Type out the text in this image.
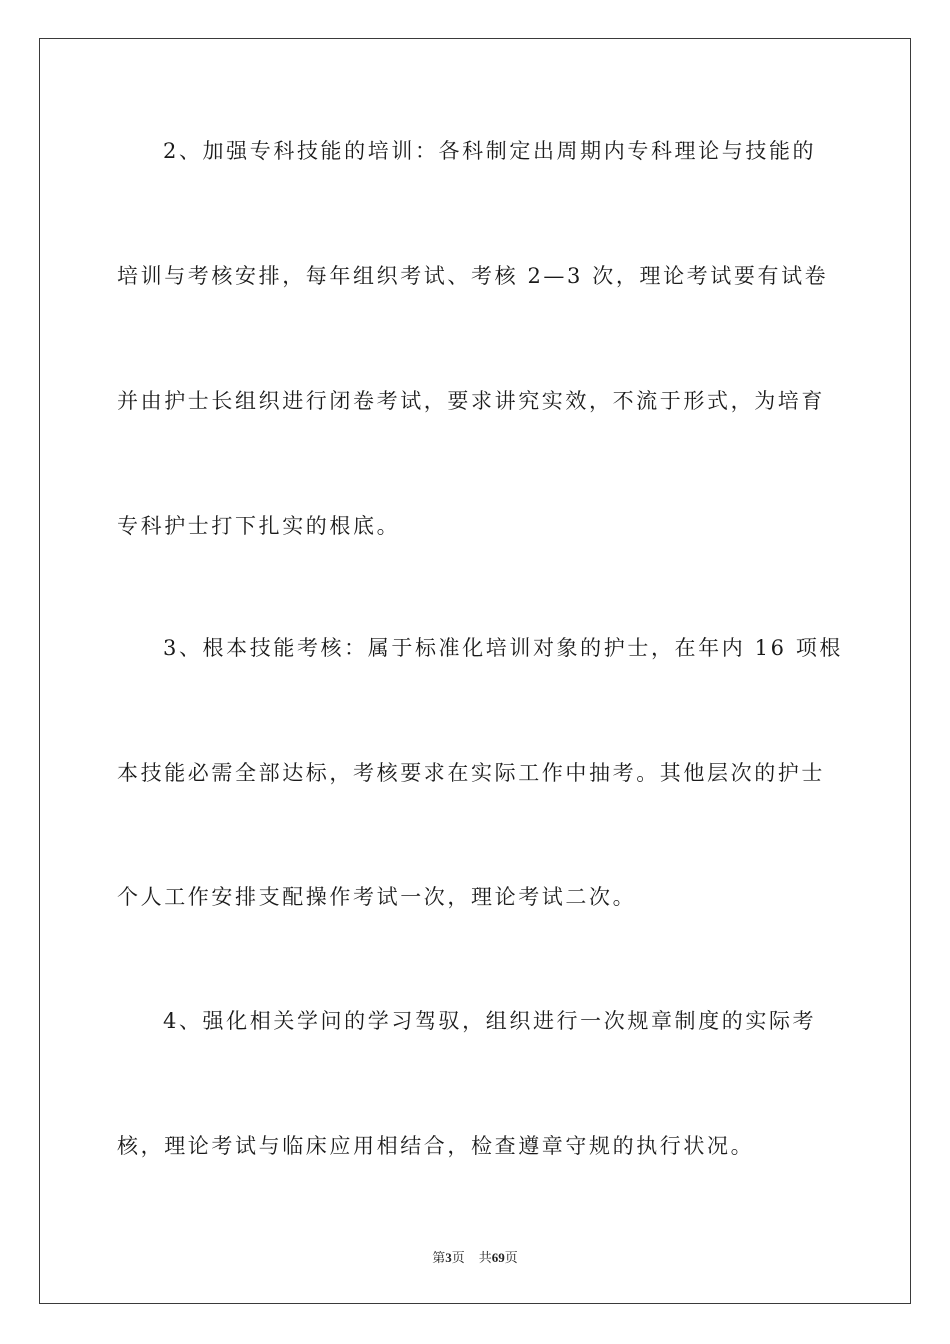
2、加强专科技能的培训：各科制定出周期内专科理论与技能的
培训与考核安排，每年组织考试、考核 2—3 次，理论考试要有试卷
并由护士长组织进行闭卷考试，要求讲究实效，不流于形式，为培育
专科护士打下扎实的根底。
3、根本技能考核：属于标准化培训对象的护士，在年内 16 项根
本技能必需全部达标，考核要求在实际工作中抽考。其他层次的护士
个人工作安排支配操作考试一次，理论考试二次。
4、强化相关学问的学习驾驭，组织进行一次规章制度的实际考
核，理论考试与临床应用相结合，检查遵章守规的执行状况。
第3页 共69页
